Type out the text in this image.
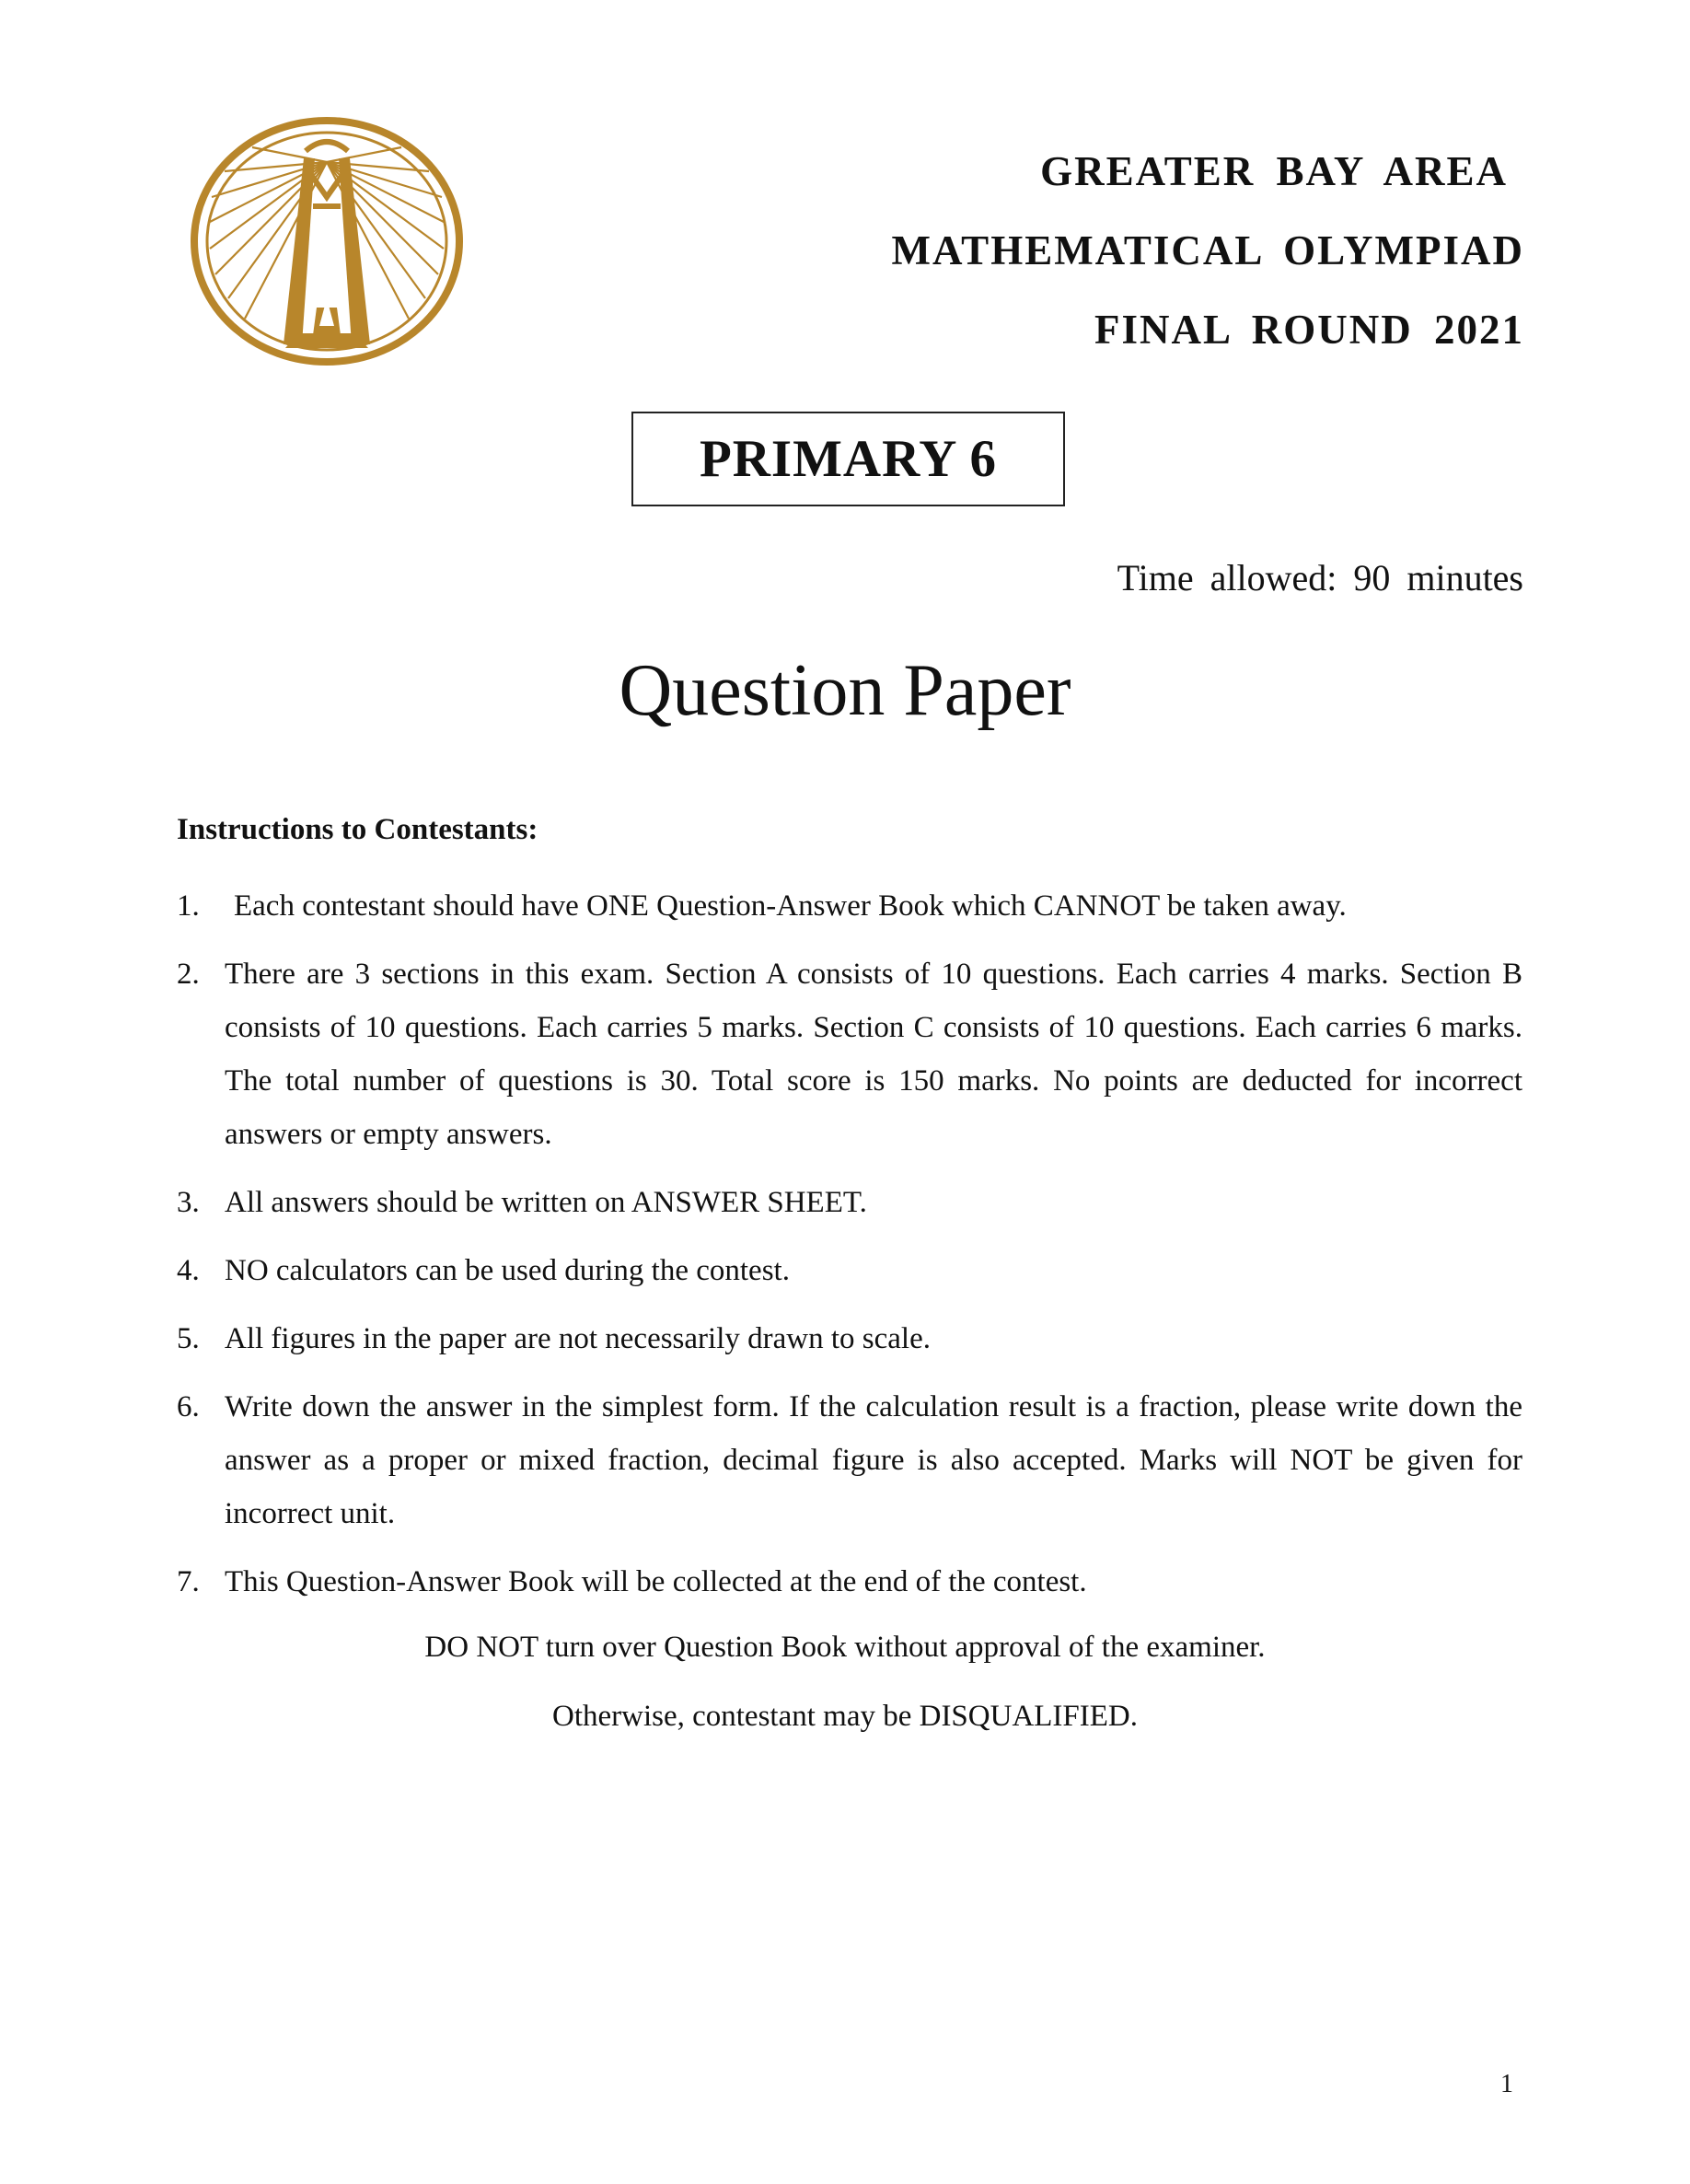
GREATER BAY AREA
MATHEMATICAL OLYMPIAD
FINAL ROUND 2021
PRIMARY 6
Time allowed: 90 minutes
Question Paper
Instructions to Contestants:
1. Each contestant should have ONE Question-Answer Book which CANNOT be taken away.
2. There are 3 sections in this exam. Section A consists of 10 questions. Each carries 4 marks. Section B consists of 10 questions. Each carries 5 marks. Section C consists of 10 questions. Each carries 6 marks. The total number of questions is 30. Total score is 150 marks. No points are deducted for incorrect answers or empty answers.
3. All answers should be written on ANSWER SHEET.
4. NO calculators can be used during the contest.
5. All figures in the paper are not necessarily drawn to scale.
6. Write down the answer in the simplest form. If the calculation result is a fraction, please write down the answer as a proper or mixed fraction, decimal figure is also accepted. Marks will NOT be given for incorrect unit.
7. This Question-Answer Book will be collected at the end of the contest.
DO NOT turn over Question Book without approval of the examiner.
Otherwise, contestant may be DISQUALIFIED.
1
